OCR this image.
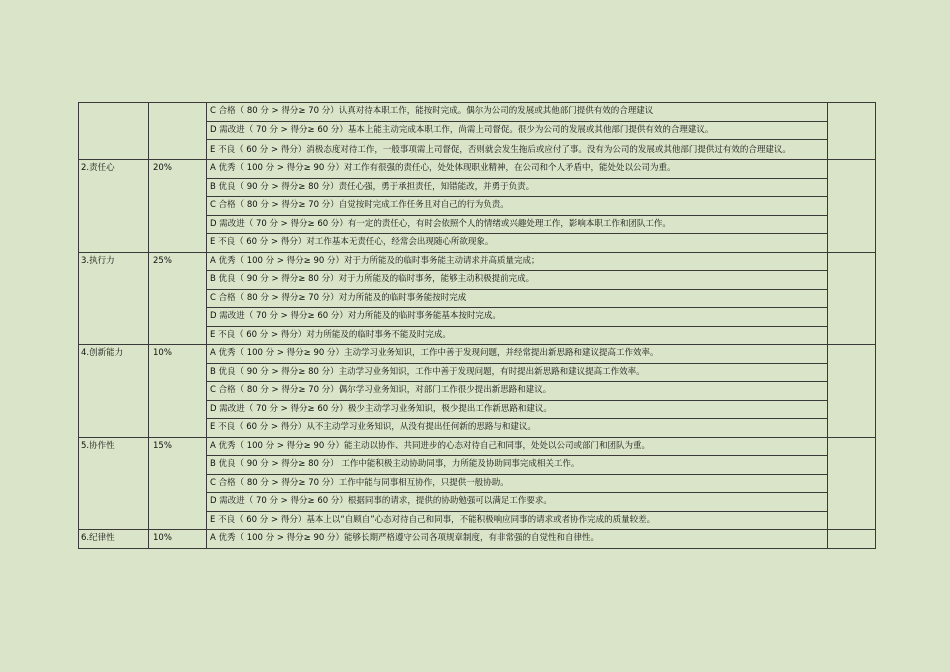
		C 合格（ 80 分 > 得分≥ 70 分）认真对待本职工作，能按时完成。偶尔为公司的发展或其他部门提供有效的合理建议	
		D 需改进（ 70 分 > 得分≥ 60 分）基本上能主动完成本职工作，尚需上司督促。很少为公司的发展或其他部门提供有效的合理建议。	
		E 不良（ 60 分 > 得分）消极态度对待工作，一般事项需上司督促，否则就会发生拖后或应付了事。没有为公司的发展或其他部门提供过有效的合理建议。	
2.责任心	20%	A 优秀（ 100 分 > 得分≥ 90 分）对工作有很强的责任心，处处体现职业精神，在公司和个人矛盾中，能处处以公司为重。	
		B 优良（ 90 分 > 得分≥ 80 分）责任心强，勇于承担责任，知错能改，并勇于负责。	
		C 合格（ 80 分 > 得分≥ 70 分）自觉按时完成工作任务且对自己的行为负责。	
		D 需改进（ 70 分 > 得分≥ 60 分）有一定的责任心，有时会依照个人的情绪或兴趣处理工作，影响本职工作和团队工作。	
		E 不良（ 60 分 > 得分）对工作基本无责任心，经常会出现随心所欲现象。	
3.执行力	25%	A 优秀（ 100 分 > 得分≥ 90 分）对于力所能及的临时事务能主动请求并高质量完成；	
		B 优良（ 90 分 > 得分≥ 80 分）对于力所能及的临时事务，能够主动积极提前完成。	
		C 合格（ 80 分 > 得分≥ 70 分）对力所能及的临时事务能按时完成	
		D 需改进（ 70 分 > 得分≥ 60 分）对力所能及的临时事务能基本按时完成。	
		E 不良（ 60 分 > 得分）对力所能及的临时事务不能及时完成。	
4.创新能力	10%	A 优秀（ 100 分 > 得分≥ 90 分）主动学习业务知识，工作中善于发现问题，并经常提出新思路和建议提高工作效率。	
		B 优良（ 90 分 > 得分≥ 80 分）主动学习业务知识，工作中善于发现问题，有时提出新思路和建议提高工作效率。	
		C 合格（ 80 分 > 得分≥ 70 分）偶尔学习业务知识，对部门工作很少提出新思路和建议。	
		D 需改进（ 70 分 > 得分≥ 60 分）极少主动学习业务知识，极少提出工作新思路和建议。	
		E 不良（ 60 分 > 得分）从不主动学习业务知识，从没有提出任何新的思路与和建议。	
5.协作性	15%	A 优秀（ 100 分 > 得分≥ 90 分）能主动以协作、共同进步的心态对待自己和同事，处处以公司或部门和团队为重。	
		B 优良（ 90 分 > 得分≥ 80 分） 工作中能积极主动协助同事，力所能及协助同事完成相关工作。	
		C 合格（ 80 分 > 得分≥ 70 分）工作中能与同事相互协作，只提供一般协助。	
		D 需改进（ 70 分 > 得分≥ 60 分）根据同事的请求，提供的协助勉强可以满足工作要求。	
		E 不良（ 60 分 > 得分）基本上以“自顾自”心态对待自己和同事，不能积极响应同事的请求或者协作完成的质量较差。	
6.纪律性	10%	A 优秀（ 100 分 > 得分≥ 90 分）能够长期严格遵守公司各项规章制度，有非常强的自觉性和自律性。	
